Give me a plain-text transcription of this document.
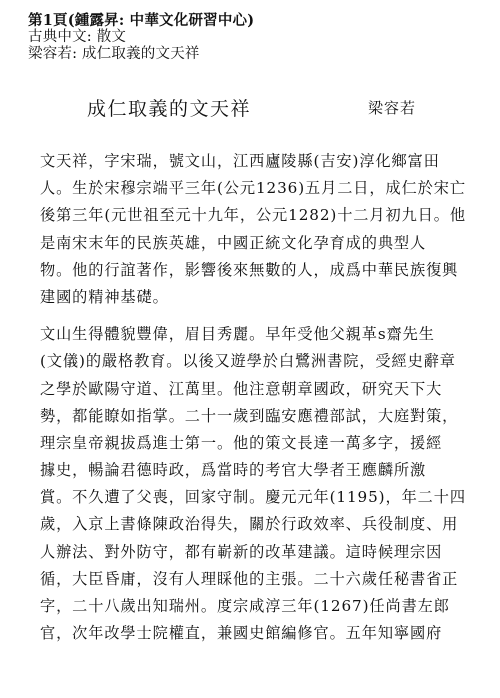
第1頁(鍾露昇: 中華文化研習中心)
古典中文: 散文
梁容若: 成仁取義的文天祥
成仁取義的文天祥	梁容若
文天祥，字宋瑞，號文山，江西廬陵縣(吉安)淳化鄉富田
人。生於宋穆宗端平三年(公元1236)五月二日，成仁於宋亡
後第三年(元世祖至元十九年，公元1282)十二月初九日。他
是南宋末年的民族英雄，中國正統文化孕育成的典型人
物。他的行誼著作，影響後來無數的人，成爲中華民族復興
建國的精神基礎。
文山生得體貌豐偉，眉目秀麗。早年受他父親革s齋先生
(文儀)的嚴格教育。以後又遊學於白鷺洲書院，受經史辭章
之學於歐陽守道、江萬里。他注意朝章國政，研究天下大
勢，都能瞭如指掌。二十一歲到臨安應禮部試，大庭對策，
理宗皇帝親拔爲進士第一。他的策文長達一萬多字，援經
據史，暢論君德時政，爲當時的考官大學者王應麟所激
賞。不久遭了父喪，回家守制。慶元元年(1195)，年二十四
歲，入京上書條陳政治得失，關於行政效率、兵役制度、用
人辦法、對外防守，都有嶄新的改革建議。這時候理宗因
循，大臣昏庸，沒有人理睬他的主張。二十六歲任秘書省正
字，二十八歲出知瑞州。度宗咸淳三年(1267)任尚書左郎
官，次年改學士院權直，兼國史館編修官。五年知寧國府
